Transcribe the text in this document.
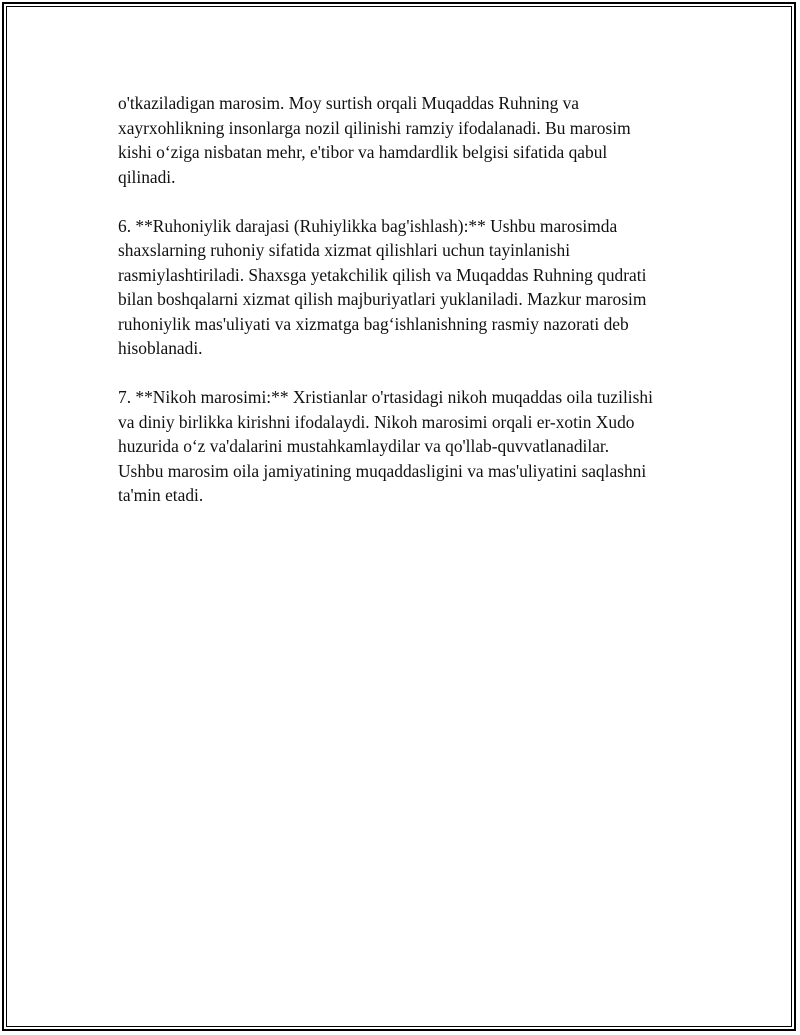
o'tkaziladigan marosim. Moy surtish orqali Muqaddas Ruhning va
xayrxohlikning insonlarga nozil qilinishi ramziy ifodalanadi. Bu marosim
kishi o‘ziga nisbatan mehr, e'tibor va hamdardlik belgisi sifatida qabul
qilinadi.

6. **Ruhoniylik darajasi (Ruhiylikka bag'ishlash):** Ushbu marosimda
shaxslarning ruhoniy sifatida xizmat qilishlari uchun tayinlanishi
rasmiylashtiriladi. Shaxsga yetakchilik qilish va Muqaddas Ruhning qudrati
bilan boshqalarni xizmat qilish majburiyatlari yuklaniladi. Mazkur marosim
ruhoniylik mas'uliyati va xizmatga bag‘ishlanishning rasmiy nazorati deb
hisoblanadi.

7. **Nikoh marosimi:** Xristianlar o'rtasidagi nikoh muqaddas oila tuzilishi
va diniy birlikka kirishni ifodalaydi. Nikoh marosimi orqali er-xotin Xudo
huzurida o‘z va'dalarini mustahkamlaydilar va qo'llab-quvvatlanadilar.
Ushbu marosim oila jamiyatining muqaddasligini va mas'uliyatini saqlashni
ta'min etadi.
